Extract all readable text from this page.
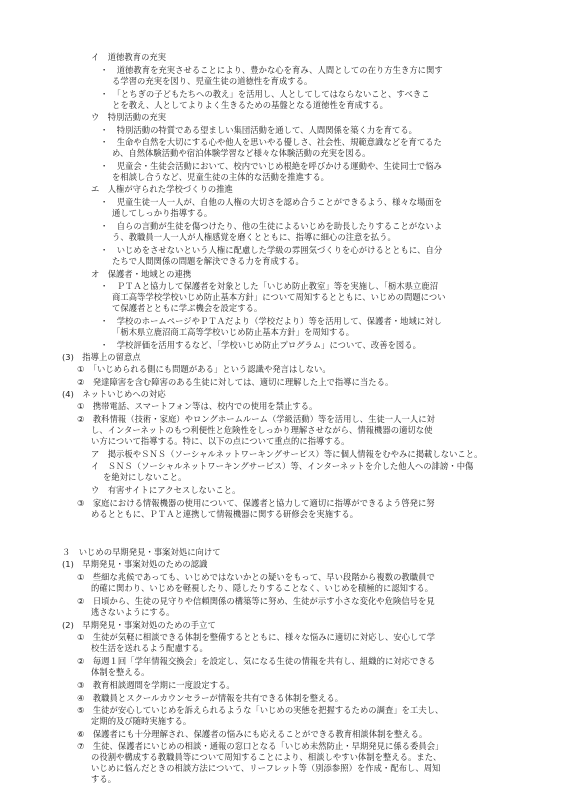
イ　道徳教育の充実
・　道徳教育を充実させることにより、豊かな心を育み、人間としての在り方生き方に関す
る学習の充実を図り、児童生徒の道徳性を育成する。
・　「とちぎの子どもたちへの教え」を活用し、人としてしてはならないこと、すべきこ
とを教え、人としてよりよく生きるための基盤となる道徳性を育成する。
ウ　特別活動の充実
・　特別活動の特質である望ましい集団活動を通して、人間関係を築く力を育てる。
・　生命や自然を大切にする心や他人を思いやる優しさ、社会性、規範意識などを育てるた
め、自然体験活動や宿泊体験学習など様々な体験活動の充実を図る。
・　児童会・生徒会活動において、校内でいじめ根絶を呼びかける運動や、生徒同士で悩み
を相談し合うなど、児童生徒の主体的な活動を推進する。
エ　人権が守られた学校づくりの推進
・　児童生徒一人一人が、自他の人権の大切さを認め合うことができるよう、様々な場面を
通してしっかり指導する。
・　自らの言動が生徒を傷つけたり、他の生徒によるいじめを助長したりすることがないよ
う、教職員一人一人が人権感覚を磨くとともに、指導に細心の注意を払う。
・　いじめをさせないという人権に配慮した学級の雰囲気づくりを心がけるとともに、自分
たちで人間関係の問題を解決できる力を育成する。
オ　保護者・地域との連携
・　ＰＴＡと協力して保護者を対象とした「いじめ防止教室」等を実施し、「栃木県立鹿沼
商工高等学校学校いじめ防止基本方針」について周知するとともに、いじめの問題につい
て保護者とともに学ぶ機会を設定する。
・　学校のホームページやＰＴＡだより（学校だより）等を活用して、保護者・地域に対し
「栃木県立鹿沼商工高等学校いじめ防止基本方針」を周知する。
・　学校評価を活用するなど、「学校いじめ防止プログラム」について、改善を図る。
(3)　指導上の留意点
①　「いじめられる側にも問題がある」という認識や発言はしない。
②　発達障害を含む障害のある生徒に対しては、適切に理解した上で指導に当たる。
(4)　ネットいじめへの対応
①　携帯電話、スマートフォン等は、校内での使用を禁止する。
②　教科情報（技術・家庭）やロングホームルーム（学級活動）等を活用し、生徒一人一人に対
し、インターネットのもつ利便性と危険性をしっかり理解させながら、情報機器の適切な使
い方について指導する。特に、以下の点について重点的に指導する。
ア　掲示板やＳＮＳ（ソーシャルネットワーキングサービス）等に個人情報をむやみに掲載しないこと。
イ　ＳＮＳ（ソーシャルネットワーキングサービス）等、インターネットを介した他人への誹謗・中傷
を絶対にしないこと。
ウ　有害サイトにアクセスしないこと。
③　家庭における情報機器の使用について、保護者と協力して適切に指導ができるよう啓発に努
めるとともに、ＰＴＡと連携して情報機器に関する研修会を実施する。
３　いじめの早期発見・事案対処に向けて
(1)　早期発見・事案対処のための認識
①　些細な兆候であっても、いじめではないかとの疑いをもって、早い段階から複数の教職員で
的確に関わり、いじめを軽視したり、隠したりすることなく、いじめを積極的に認知する。
②　日頃から、生徒の見守りや信頼関係の構築等に努め、生徒が示す小さな変化や危険信号を見
逃さないようにする。
(2)　早期発見・事案対処のための手立て
①　生徒が気軽に相談できる体制を整備するとともに、様々な悩みに適切に対応し、安心して学
校生活を送れるよう配慮する。
②　毎週１回「学年情報交換会」を設定し、気になる生徒の情報を共有し、組織的に対応できる
体制を整える。
③　教育相談週間を学期に一度設定する。
④　教職員とスクールカウンセラーが情報を共有できる体制を整える。
⑤　生徒が安心していじめを訴えられるような「いじめの実態を把握するための調査」を工夫し、
定期的及び随時実施する。
⑥　保護者にも十分理解され、保護者の悩みにも応えることができる教育相談体制を整える。
⑦　生徒、保護者にいじめの相談・通報の窓口となる「いじめ未然防止・早期発見に係る委員会」
の役割や構成する教職員等について周知することにより、相談しやすい体制を整える。また、
いじめに悩んだときの相談方法について、リーフレット等（別添参照）を作成・配布し、周知
する。
